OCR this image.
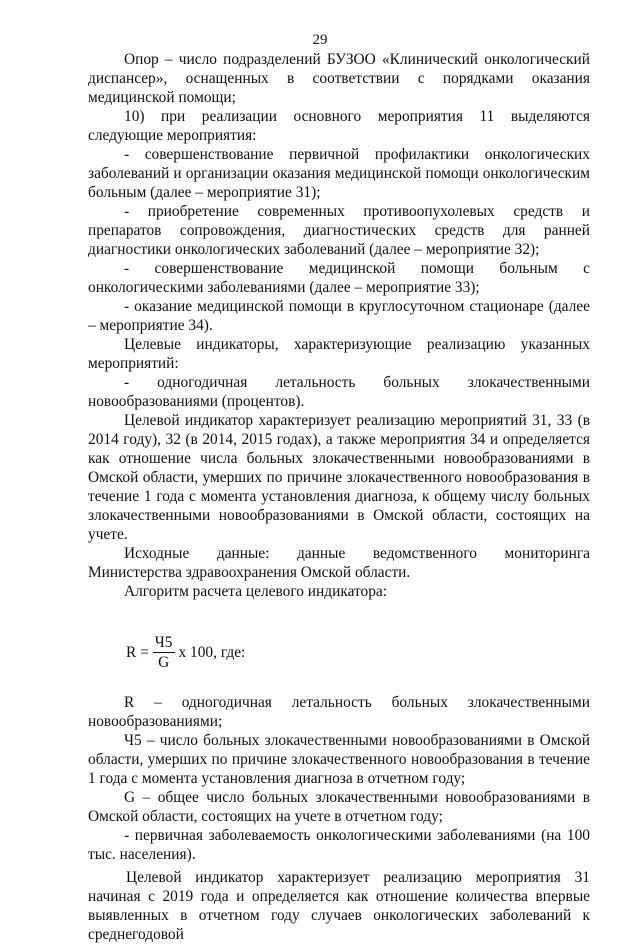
29

Опор – число подразделений БУЗОО «Клинический онкологический диспансер», оснащенных в соответствии с порядками оказания медицинской помощи;

10) при реализации основного мероприятия 11 выделяются следующие мероприятия:

- совершенствование первичной профилактики онкологических заболеваний и организации оказания медицинской помощи онкологическим больным (далее – мероприятие 31);

- приобретение современных противоопухолевых средств и препаратов сопровождения, диагностических средств для ранней диагностики онкологических заболеваний (далее – мероприятие 32);

- совершенствование медицинской помощи больным с онкологическими заболеваниями (далее – мероприятие 33);

- оказание медицинской помощи в круглосуточном стационаре (далее – мероприятие 34).

Целевые индикаторы, характеризующие реализацию указанных мероприятий:

- одногодичная летальность больных злокачественными новообразованиями (процентов).

Целевой индикатор характеризует реализацию мероприятий 31, 33 (в 2014 году), 32 (в 2014, 2015 годах), а также мероприятия 34 и определяется как отношение числа больных злокачественными новообразованиями в Омской области, умерших по причине злокачественного новообразования в течение 1 года с момента установления диагноза, к общему числу больных злокачественными новообразованиями в Омской области, состоящих на учете.

Исходные данные: данные ведомственного мониторинга Министерства здравоохранения Омской области.

Алгоритм расчета целевого индикатора:

$R = \frac{Ч5}{G}$ x 100, где:

R – одногодичная летальность больных злокачественными новообразованиями;

Ч5 – число больных злокачественными новообразованиями в Омской области, умерших по причине злокачественного новообразования в течение 1 года с момента установления диагноза в отчетном году;

G – общее число больных злокачественными новообразованиями в Омской области, состоящих на учете в отчетном году;

- первичная заболеваемость онкологическими заболеваниями (на 100 тыс. населения).

Целевой индикатор характеризует реализацию мероприятия 31 начиная с 2019 года и определяется как отношение количества впервые выявленных в отчетном году случаев онкологических заболеваний к среднегодовой
